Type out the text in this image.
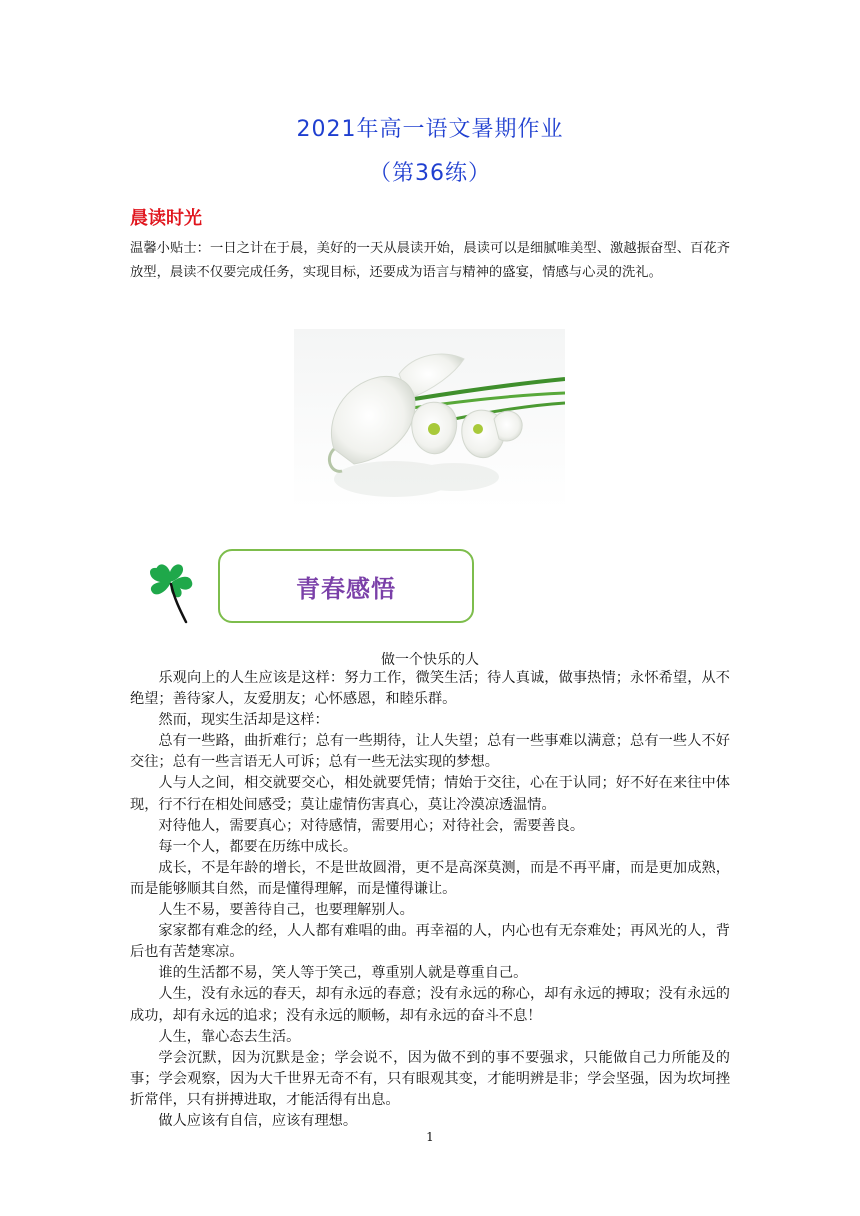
2021年高一语文暑期作业
（第36练）
晨读时光
温馨小贴士：一日之计在于晨，美好的一天从晨读开始，晨读可以是细腻唯美型、激越振奋型、百花齐放型，晨读不仅要完成任务，实现目标，还要成为语言与精神的盛宴，情感与心灵的洗礼。
青春感悟
做一个快乐的人

乐观向上的人生应该是这样：努力工作，微笑生活；待人真诚，做事热情；永怀希望，从不绝望；善待家人，友爱朋友；心怀感恩，和睦乐群。

然而，现实生活却是这样：

总有一些路，曲折难行；总有一些期待，让人失望；总有一些事难以满意；总有一些人不好交往；总有一些言语无人可诉；总有一些无法实现的梦想。

人与人之间，相交就要交心，相处就要凭情；情始于交往，心在于认同；好不好在来往中体现，行不行在相处间感受；莫让虚情伤害真心，莫让冷漠凉透温情。

对待他人，需要真心；对待感情，需要用心；对待社会，需要善良。

每一个人，都要在历练中成长。

成长，不是年龄的增长，不是世故圆滑，更不是高深莫测，而是不再平庸，而是更加成熟，而是能够顺其自然，而是懂得理解，而是懂得谦让。

人生不易，要善待自己，也要理解别人。

家家都有难念的经，人人都有难唱的曲。再幸福的人，内心也有无奈难处；再风光的人，背后也有苦楚寒凉。

谁的生活都不易，笑人等于笑己，尊重别人就是尊重自己。

人生，没有永远的春天，却有永远的春意；没有永远的称心，却有永远的搏取；没有永远的成功，却有永远的追求；没有永远的顺畅，却有永远的奋斗不息！

人生，靠心态去生活。

学会沉默，因为沉默是金；学会说不，因为做不到的事不要强求，只能做自己力所能及的事；学会观察，因为大千世界无奇不有，只有眼观其变，才能明辨是非；学会坚强，因为坎坷挫折常伴，只有拼搏进取，才能活得有出息。

做人应该有自信，应该有理想。

1
